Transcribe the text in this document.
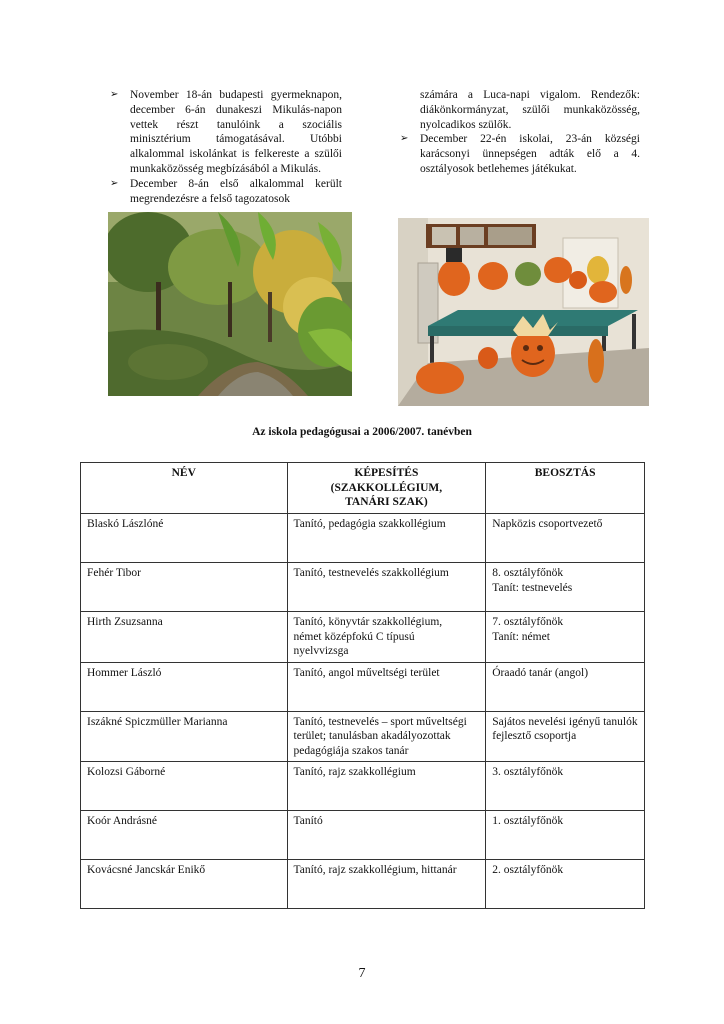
➢ November 18-án budapesti gyermeknapon, december 6-án dunakeszi Mikulás-napon vettek részt tanulóink a szociális minisztérium támogatásával. Utóbbi alkalommal iskolánkat is felkereste a szülői munkaközösség megbízásából a Mikulás.
➢ December 8-án első alkalommal került megrendezésre a felső tagozatosok
számára a Luca-napi vigalom. Rendezők: diákönkormányzat, szülői munkaközösség, nyolcadikos szülők.
➢ December 22-én iskolai, 23-án községi karácsonyi ünnepségen adták elő a 4. osztályosok betlehemes játékukat.
Az iskola pedagógusai a 2006/2007. tanévben
NÉV	KÉPESÍTÉS
(SZAKKOLLÉGIUM,
TANÁRI SZAK)	BEOSZTÁS
Blaskó Lászlóné	Tanító, pedagógia szakkollégium	Napközis csoportvezető
Fehér Tibor	Tanító, testnevelés szakkollégium	8. osztályfőnök
Tanít: testnevelés
Hirth Zsuzsanna	Tanító, könyvtár szakkollégium,
német középfokú C típusú
nyelvvizsga	7. osztályfőnök
Tanít: német
Hommer László	Tanító, angol műveltségi terület	Óraadó tanár (angol)
Iszákné Spiczmüller Marianna	Tanító, testnevelés – sport műveltségi terület; tanulásban akadályozottak pedagógiája szakos tanár	Sajátos nevelési igényű tanulók fejlesztő csoportja
Kolozsi Gáborné	Tanító, rajz szakkollégium	3. osztályfőnök
Koór Andrásné	Tanító	1. osztályfőnök
Kovácsné Jancskár Enikő	Tanító, rajz szakkollégium, hittanár	2. osztályfőnök
7
